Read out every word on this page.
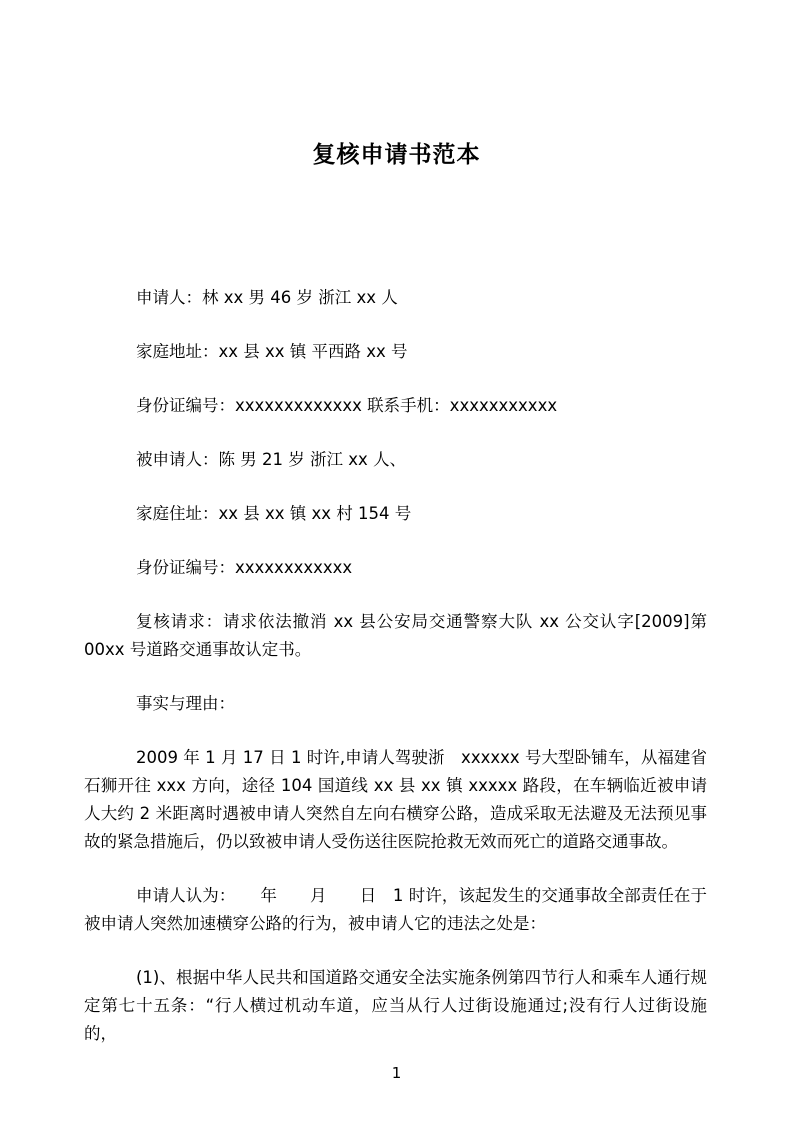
复核申请书范本

申请人：林 xx 男 46 岁 浙江 xx 人

家庭地址：xx 县 xx 镇 平西路 xx 号

身份证编号：xxxxxxxxxxxxx 联系手机：xxxxxxxxxxx

被申请人：陈 男 21 岁 浙江 xx 人、

家庭住址：xx 县 xx 镇 xx 村 154 号

身份证编号：xxxxxxxxxxxx

复核请求：请求依法撤消 xx 县公安局交通警察大队 xx 公交认字[2009]第 00xx 号道路交通事故认定书。

事实与理由：

2009 年 1 月 17 日 1 时许,申请人驾驶浙　xxxxxx 号大型卧铺车，从福建省石狮开往 xxx 方向，途径 104 国道线 xx 县 xx 镇 xxxxx 路段，在车辆临近被申请人大约 2 米距离时遇被申请人突然自左向右横穿公路，造成采取无法避及无法预见事故的紧急措施后，仍以致被申请人受伤送往医院抢救无效而死亡的道路交通事故。

申请人认为：　　年　　月　　日　1 时许，该起发生的交通事故全部责任在于被申请人突然加速横穿公路的行为，被申请人它的违法之处是：

(1)、根据中华人民共和国道路交通安全法实施条例第四节行人和乘车人通行规定第七十五条：“行人横过机动车道，应当从行人过街设施通过;没有行人过街设施的，

1
